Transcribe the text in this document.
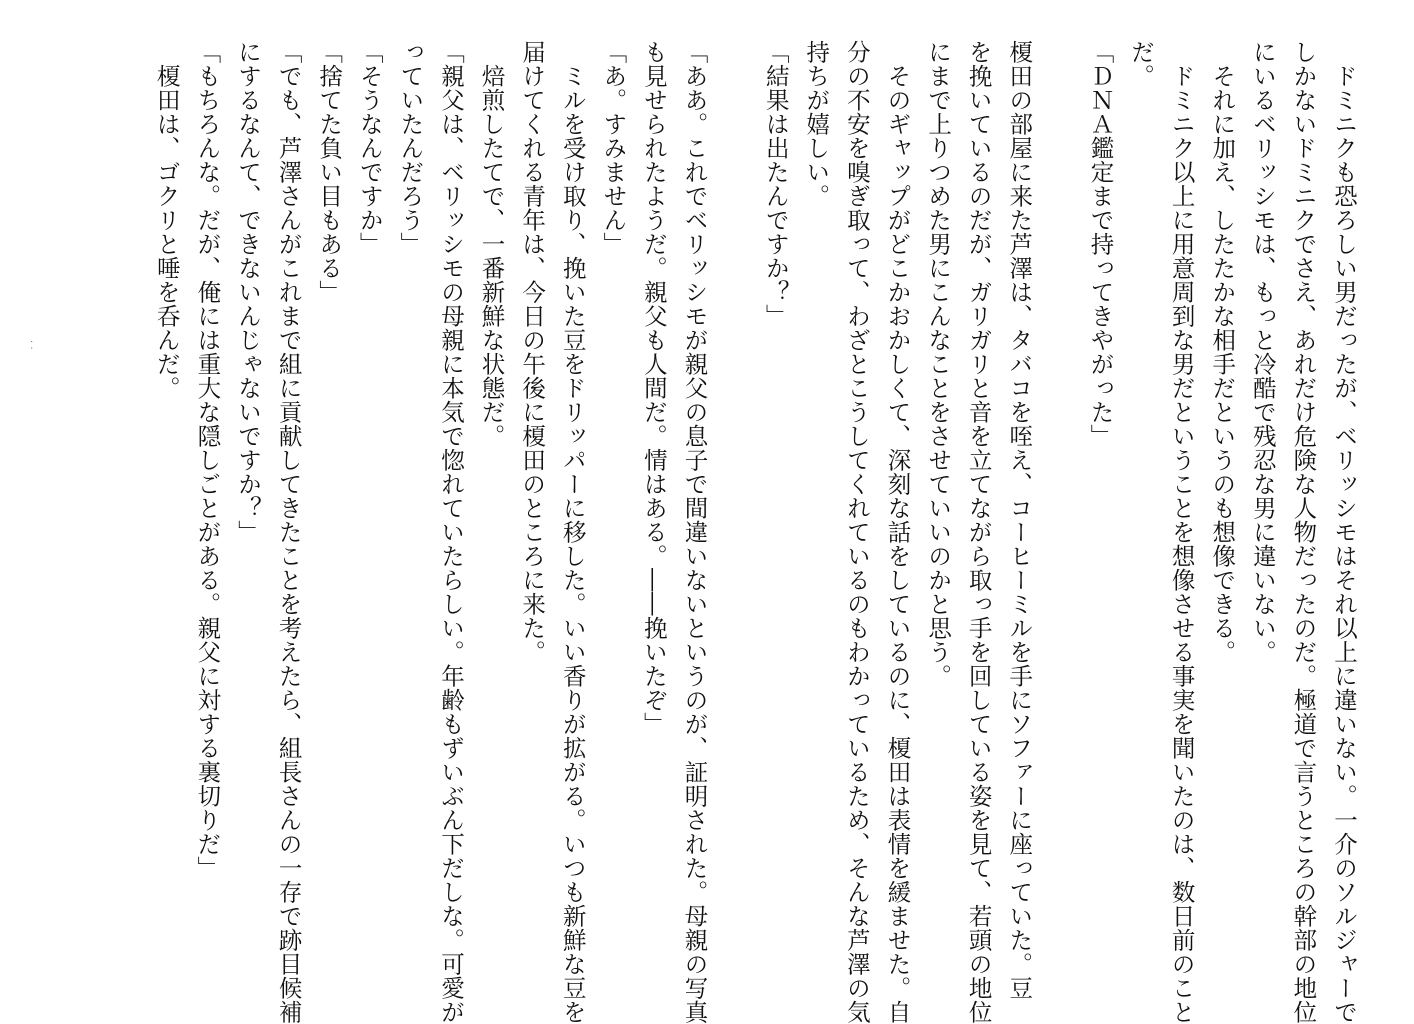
ドミニクも恐ろしい男だったが、ベリッシモはそれ以上に違いない。一介のソルジャーで

しかないドミニクでさえ、あれだけ危険な人物だったのだ。極道で言うところの幹部の地位

にいるベリッシモは、もっと冷酷で残忍な男に違いない。

それに加え、したたかな相手だというのも想像できる。

ドミニク以上に用意周到な男だということを想像させる事実を聞いたのは、数日前のこと

だ。

「ＤＮＡ鑑定まで持ってきやがった」

榎田の部屋に来た芦澤は、タバコを咥え、コーヒーミルを手にソファーに座っていた。豆

を挽いているのだが、ガリガリと音を立てながら取っ手を回している姿を見て、若頭の地位

にまで上りつめた男にこんなことをさせていいのかと思う。

そのギャップがどこかおかしくて、深刻な話をしているのに、榎田は表情を緩ませた。自

分の不安を嗅ぎ取って、わざとこうしてくれているのもわかっているため、そんな芦澤の気

持ちが嬉しい。

「結果は出たんですか？」

「ああ。これでベリッシモが親父の息子で間違いないというのが、証明された。母親の写真

も見せられたようだ。親父も人間だ。情はある。――挽いたぞ」

「あ。すみません」

ミルを受け取り、挽いた豆をドリッパーに移した。いい香りが拡がる。いつも新鮮な豆を

届けてくれる青年は、今日の午後に榎田のところに来た。

焙煎したてで、一番新鮮な状態だ。

「親父は、ベリッシモの母親に本気で惚れていたらしい。年齢もずいぶん下だしな。可愛が

っていたんだろう」

「そうなんですか」

「捨てた負い目もある」

「でも、芦澤さんがこれまで組に貢献してきたことを考えたら、組長さんの一存で跡目候補

にするなんて、できないんじゃないですか？」

「もちろんな。だが、俺には重大な隠しごとがある。親父に対する裏切りだ」

榎田は、ゴクリと唾を呑んだ。

· ·
